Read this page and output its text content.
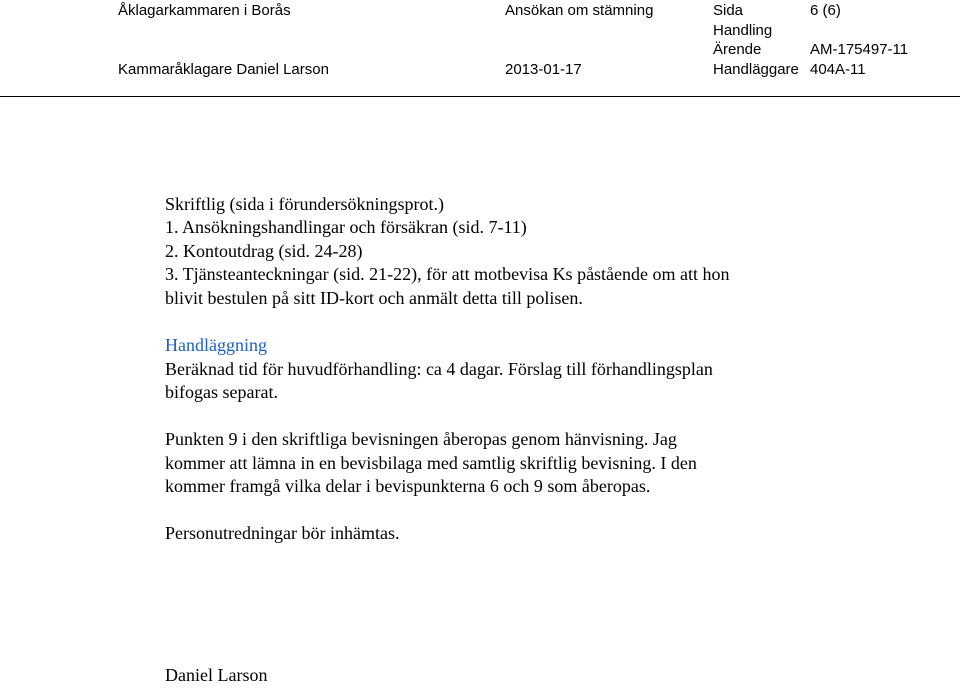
Åklagarkammaren i Borås	Ansökan om stämning	Sida	6 (6)
Handling
Ärende	AM-175497-11
Kammaråklagare Daniel Larson	2013-01-17	Handläggare 404A-11
Skriftlig (sida i förundersökningsprot.)
1. Ansökningshandlingar och försäkran (sid. 7-11)
2. Kontoutdrag (sid. 24-28)
3. Tjänsteanteckningar (sid. 21-22), för att motbevisa Ks påstående om att hon
blivit bestulen på sitt ID-kort och anmält detta till polisen.
Handläggning
Beräknad tid för huvudförhandling: ca 4 dagar. Förslag till förhandlingsplan
bifogas separat.
Punkten 9 i den skriftliga bevisningen åberopas genom hänvisning. Jag
kommer att lämna in en bevisbilaga med samtlig skriftlig bevisning. I den
kommer framgå vilka delar i bevispunkterna 6 och 9 som åberopas.
Personutredningar bör inhämtas.
Daniel Larson
